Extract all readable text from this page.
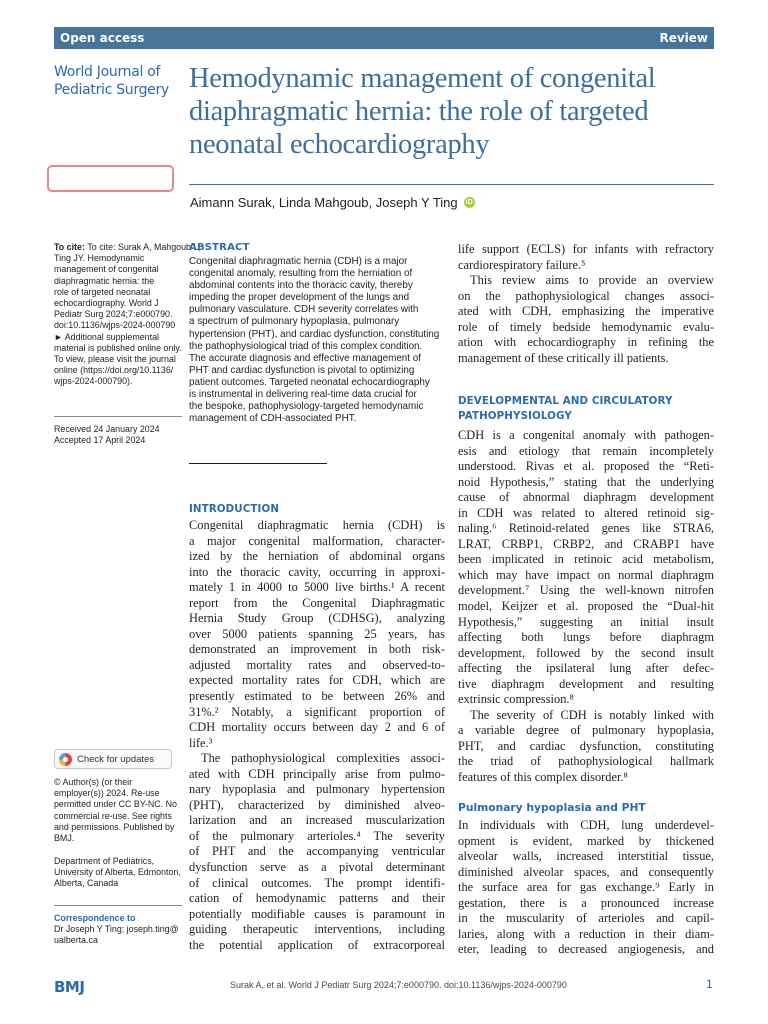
Open access	Review
World Journal of
Pediatric Surgery Hemodynamic management of congenital
diaphragmatic hernia: the role of targeted
neonatal echocardiography
Aimann Surak, Linda Mahgoub, Joseph Y Ting iD
To cite: To cite: Surak A, Mahgoub L,
Ting JY. Hemodynamic
management of congenital
diaphragmatic hernia: the
role of targeted neonatal
echocardiography. World J
Pediatr Surg 2024;7:e000790.
doi:10.1136/wjps-2024-000790
► Additional supplemental
material is published online only.
To view, please visit the journal
online (https://doi.org/10.1136/
wjps-2024-000790).
Received 24 January 2024
Accepted 17 April 2024
Check for updates
© Author(s) (or their
employer(s)) 2024. Re-use
permitted under CC BY-NC. No
commercial re-use. See rights
and permissions. Published by
BMJ.
Department of Pediatrics,
University of Alberta, Edmonton,
Alberta, Canada
Correspondence to
Dr Joseph Y Ting; joseph.ting@
ualberta.ca
ABSTRACT
Congenital diaphragmatic hernia (CDH) is a major
congenital anomaly, resulting from the herniation of
abdominal contents into the thoracic cavity, thereby
impeding the proper development of the lungs and
pulmonary vasculature. CDH severity correlates with
a spectrum of pulmonary hypoplasia, pulmonary
hypertension (PHT), and cardiac dysfunction, constituting
the pathophysiological triad of this complex condition.
The accurate diagnosis and effective management of
PHT and cardiac dysfunction is pivotal to optimizing
patient outcomes. Targeted neonatal echocardiography
is instrumental in delivering real-time data crucial for
the bespoke, pathophysiology-targeted hemodynamic
management of CDH-associated PHT.
INTRODUCTION
Congenital diaphragmatic hernia (CDH) is
a major congenital malformation, character-
ized by the herniation of abdominal organs
into the thoracic cavity, occurring in approxi-
mately 1 in 4000 to 5000 live births.¹ A recent
report from the Congenital Diaphragmatic
Hernia Study Group (CDHSG), analyzing
over 5000 patients spanning 25 years, has
demonstrated an improvement in both risk-
adjusted mortality rates and observed-to-
expected mortality rates for CDH, which are
presently estimated to be between 26% and
31%.² Notably, a significant proportion of
CDH mortality occurs between day 2 and 6 of
life.³
The pathophysiological complexities associ-
ated with CDH principally arise from pulmo-
nary hypoplasia and pulmonary hypertension
(PHT), characterized by diminished alveo-
larization and an increased muscularization
of the pulmonary arterioles.⁴ The severity
of PHT and the accompanying ventricular
dysfunction serve as a pivotal determinant
of clinical outcomes. The prompt identifi-
cation of hemodynamic patterns and their
potentially modifiable causes is paramount in
guiding therapeutic interventions, including
the potential application of extracorporeal
life support (ECLS) for infants with refractory
cardiorespiratory failure.⁵
This review aims to provide an overview
on the pathophysiological changes associ-
ated with CDH, emphasizing the imperative
role of timely bedside hemodynamic evalu-
ation with echocardiography in refining the
management of these critically ill patients.
DEVELOPMENTAL AND CIRCULATORY
PATHOPHYSIOLOGY
CDH is a congenital anomaly with pathogen-
esis and etiology that remain incompletely
understood. Rivas et al. proposed the “Reti-
noid Hypothesis,” stating that the underlying
cause of abnormal diaphragm development
in CDH was related to altered retinoid sig-
naling.⁶ Retinoid-related genes like STRA6,
LRAT, CRBP1, CRBP2, and CRABP1 have
been implicated in retinoic acid metabolism,
which may have impact on normal diaphragm
development.⁷ Using the well-known nitrofen
model, Keijzer et al. proposed the “Dual-hit
Hypothesis,” suggesting an initial insult
affecting both lungs before diaphragm
development, followed by the second insult
affecting the ipsilateral lung after defec-
tive diaphragm development and resulting
extrinsic compression.⁸
The severity of CDH is notably linked with
a variable degree of pulmonary hypoplasia,
PHT, and cardiac dysfunction, constituting
the triad of pathophysiological hallmark
features of this complex disorder.⁸
Pulmonary hypoplasia and PHT
In individuals with CDH, lung underdevel-
opment is evident, marked by thickened
alveolar walls, increased interstitial tissue,
diminished alveolar spaces, and consequently
the surface area for gas exchange.⁹ Early in
gestation, there is a pronounced increase
in the muscularity of arterioles and capil-
laries, along with a reduction in their diam-
eter, leading to decreased angiogenesis, and
BMJ	Surak A, et al. World J Pediatr Surg 2024;7:e000790. doi:10.1136/wjps-2024-000790	1
